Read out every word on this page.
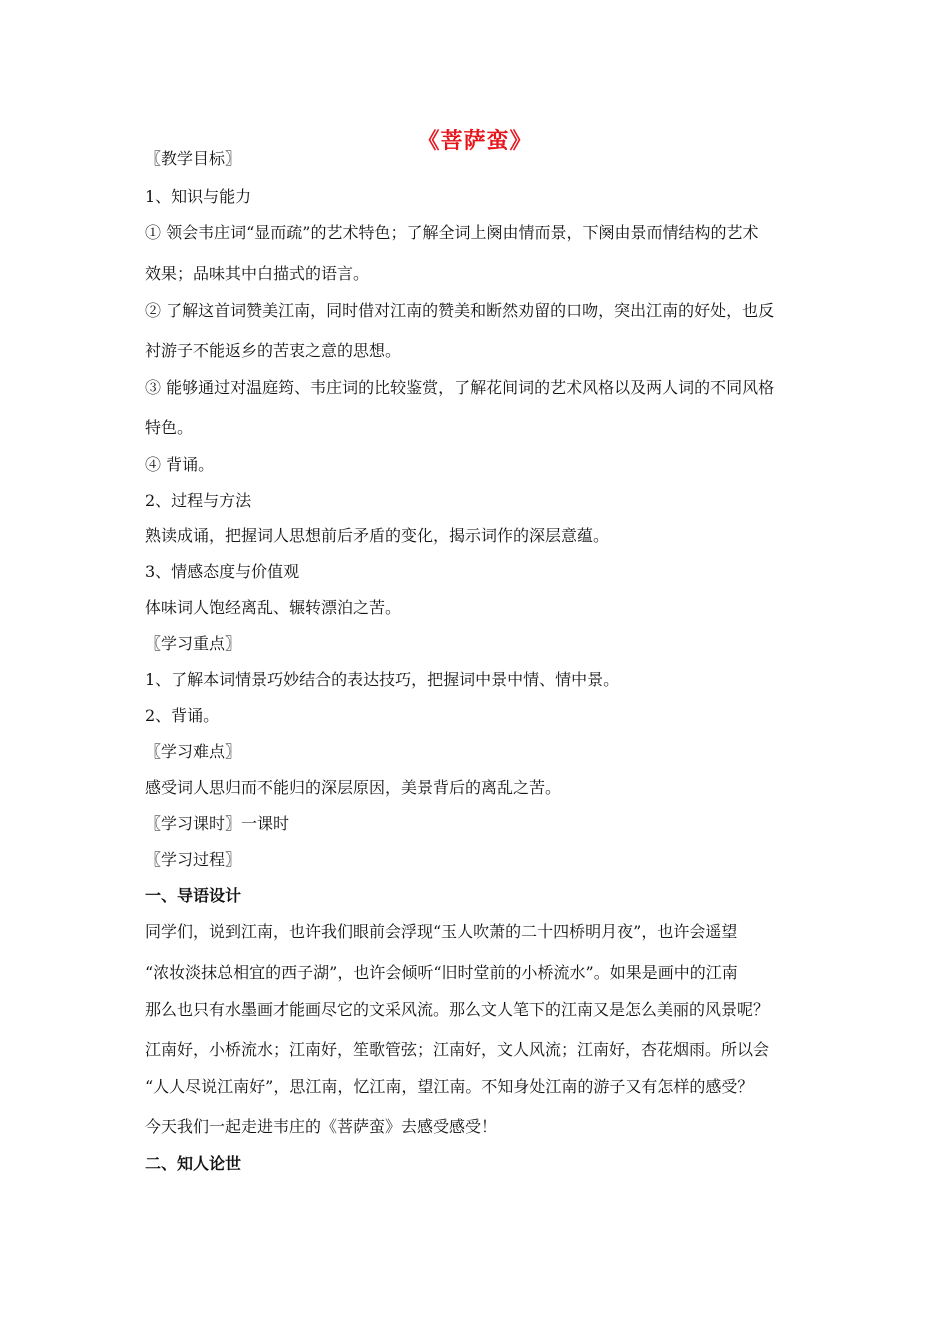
《菩萨蛮》
〖教学目标〗
1、知识与能力
① 领会韦庄词“显而疏”的艺术特色；了解全词上阕由情而景，下阕由景而情结构的艺术
效果；品味其中白描式的语言。
② 了解这首词赞美江南，同时借对江南的赞美和断然劝留的口吻，突出江南的好处，也反
衬游子不能返乡的苦衷之意的思想。
③ 能够通过对温庭筠、韦庄词的比较鉴赏，了解花间词的艺术风格以及两人词的不同风格
特色。
④ 背诵。
2、过程与方法
熟读成诵，把握词人思想前后矛盾的变化，揭示词作的深层意蕴。
3、情感态度与价值观
体味词人饱经离乱、辗转漂泊之苦。
〖学习重点〗
1、了解本词情景巧妙结合的表达技巧，把握词中景中情、情中景。
2、背诵。
〖学习难点〗
感受词人思归而不能归的深层原因，美景背后的离乱之苦。
〖学习课时〗一课时
〖学习过程〗
一、导语设计
同学们，说到江南，也许我们眼前会浮现“玉人吹萧的二十四桥明月夜”，也许会遥望
“浓妆淡抹总相宜的西子湖”，也许会倾听“旧时堂前的小桥流水”。如果是画中的江南
那么也只有水墨画才能画尽它的文采风流。那么文人笔下的江南又是怎么美丽的风景呢？
江南好，小桥流水；江南好，笙歌管弦；江南好，文人风流；江南好，杏花烟雨。所以会
“人人尽说江南好”，思江南，忆江南，望江南。不知身处江南的游子又有怎样的感受？
今天我们一起走进韦庄的《菩萨蛮》去感受感受！
二、知人论世
